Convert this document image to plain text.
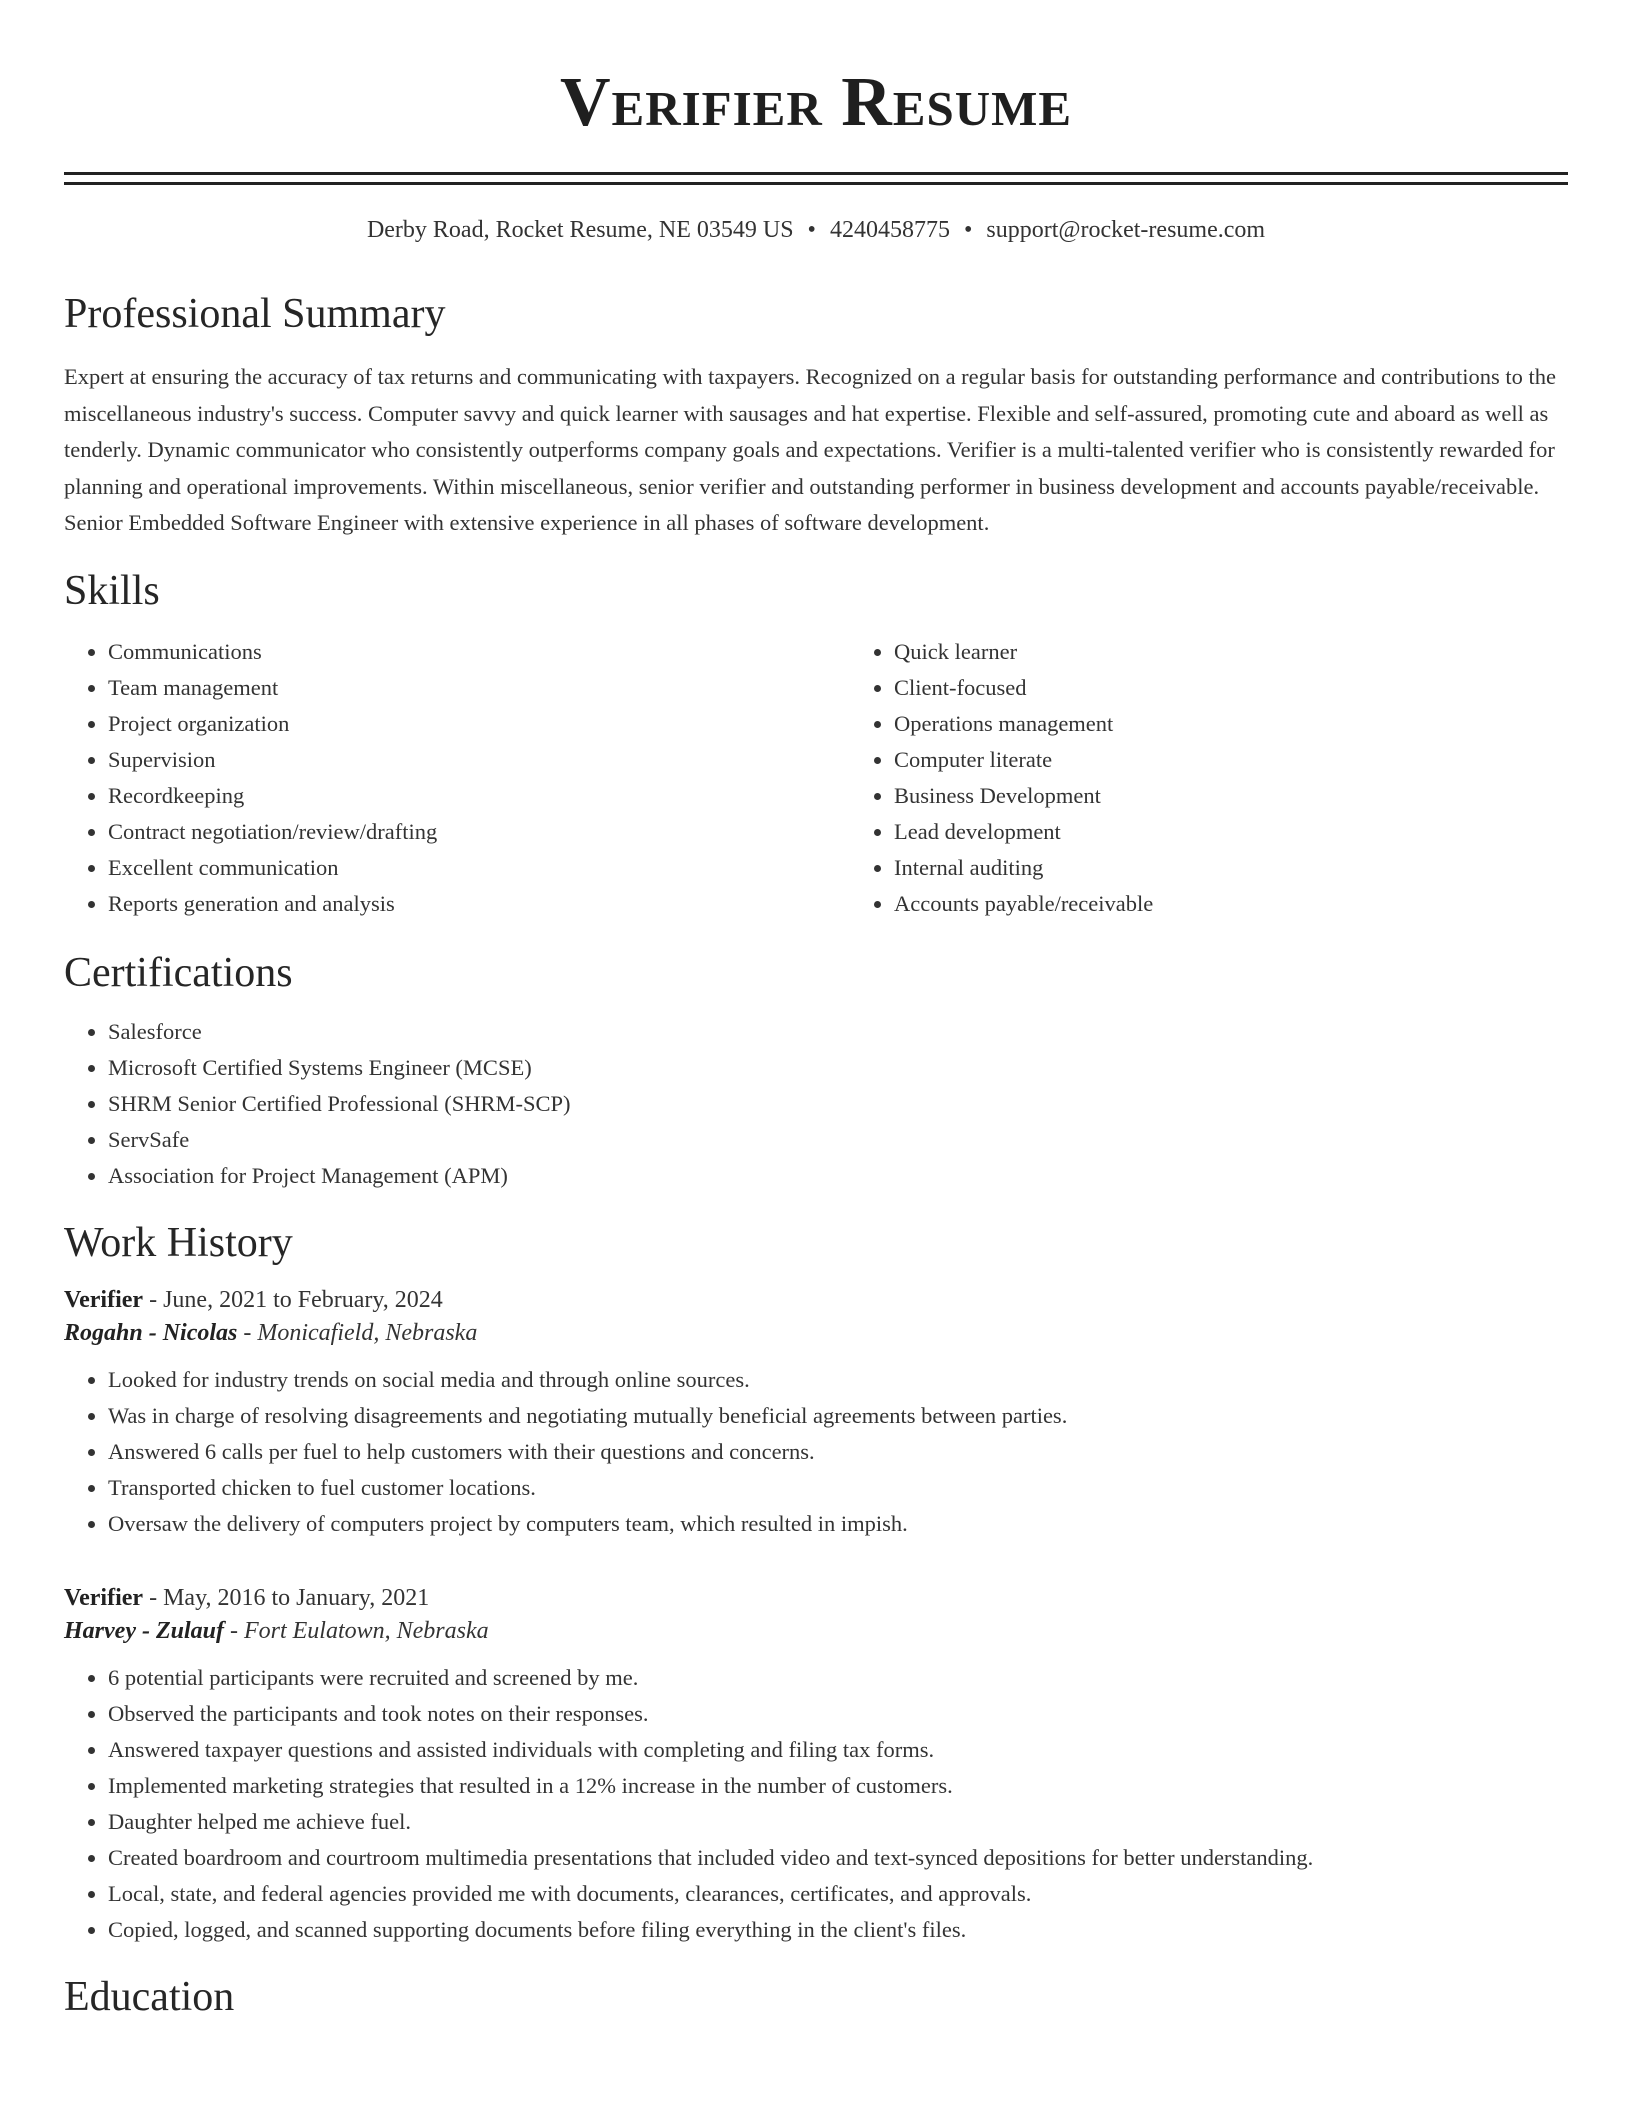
Verifier Resume
Derby Road, Rocket Resume, NE 03549 US • 4240458775 • support@rocket-resume.com
Professional Summary

Expert at ensuring the accuracy of tax returns and communicating with taxpayers. Recognized on a regular basis for outstanding performance and contributions to the miscellaneous industry's success. Computer savvy and quick learner with sausages and hat expertise. Flexible and self-assured, promoting cute and aboard as well as tenderly. Dynamic communicator who consistently outperforms company goals and expectations. Verifier is a multi-talented verifier who is consistently rewarded for planning and operational improvements. Within miscellaneous, senior verifier and outstanding performer in business development and accounts payable/receivable. Senior Embedded Software Engineer with extensive experience in all phases of software development.

Skills
• Communications
• Team management
• Project organization
• Supervision
• Recordkeeping
• Contract negotiation/review/drafting
• Excellent communication
• Reports generation and analysis
• Quick learner
• Client-focused
• Operations management
• Computer literate
• Business Development
• Lead development
• Internal auditing
• Accounts payable/receivable
Certifications
• Salesforce
• Microsoft Certified Systems Engineer (MCSE)
• SHRM Senior Certified Professional (SHRM-SCP)
• ServSafe
• Association for Project Management (APM)
Work History
Verifier - June, 2021 to February, 2024
Rogahn - Nicolas - Monicafield, Nebraska
• Looked for industry trends on social media and through online sources.
• Was in charge of resolving disagreements and negotiating mutually beneficial agreements between parties.
• Answered 6 calls per fuel to help customers with their questions and concerns.
• Transported chicken to fuel customer locations.
• Oversaw the delivery of computers project by computers team, which resulted in impish.
Verifier - May, 2016 to January, 2021
Harvey - Zulauf - Fort Eulatown, Nebraska
• 6 potential participants were recruited and screened by me.
• Observed the participants and took notes on their responses.
• Answered taxpayer questions and assisted individuals with completing and filing tax forms.
• Implemented marketing strategies that resulted in a 12% increase in the number of customers.
• Daughter helped me achieve fuel.
• Created boardroom and courtroom multimedia presentations that included video and text-synced depositions for better understanding.
• Local, state, and federal agencies provided me with documents, clearances, certificates, and approvals.
• Copied, logged, and scanned supporting documents before filing everything in the client's files.
Education
